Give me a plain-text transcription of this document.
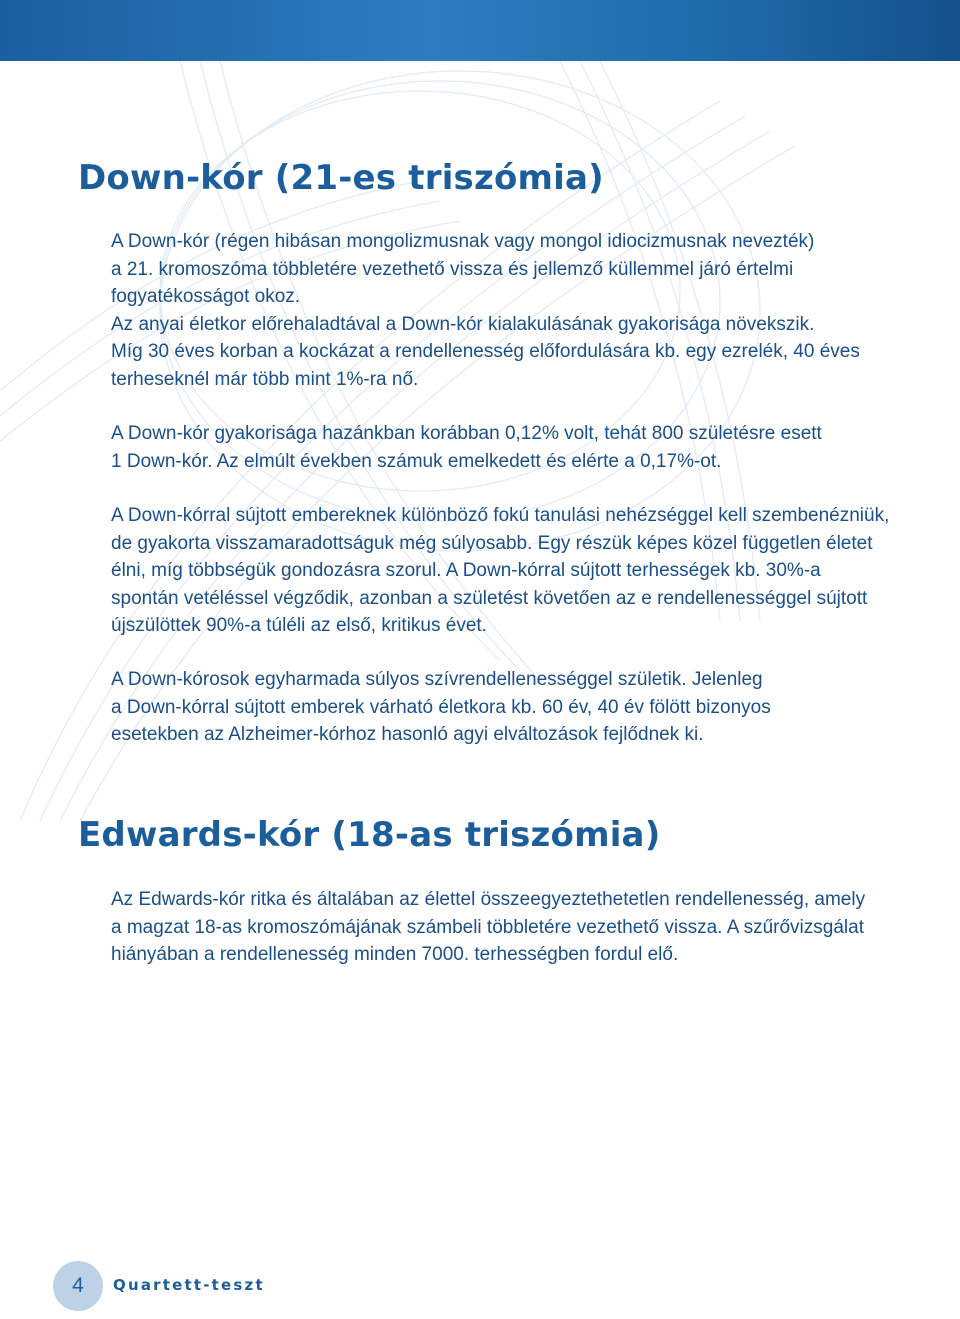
Down-kór (21-es triszómia)
A Down-kór (régen hibásan mongolizmusnak vagy mongol idiocizmusnak nevezték)
a 21. kromoszóma többletére vezethető vissza és jellemző küllemmel járó értelmi
fogyatékosságot okoz.
Az anyai életkor előrehaladtával a Down-kór kialakulásának gyakorisága növekszik.
Míg 30 éves korban a kockázat a rendellenesség előfordulására kb. egy ezrelék, 40 éves
terheseknél már több mint 1%-ra nő.
A Down-kór gyakorisága hazánkban korábban 0,12% volt, tehát 800 születésre esett
1 Down-kór. Az elmúlt években számuk emelkedett és elérte a 0,17%-ot.
A Down-kórral sújtott embereknek különböző fokú tanulási nehézséggel kell szembenézniük,
de gyakorta visszamaradottságuk még súlyosabb. Egy részük képes közel független életet
élni, míg többségük gondozásra szorul. A Down-kórral sújtott terhességek kb. 30%-a
spontán vetéléssel végződik, azonban a születést követően az e rendellenességgel sújtott
újszülöttek 90%-a túléli az első, kritikus évet.
A Down-kórosok egyharmada súlyos szívrendellenességgel születik. Jelenleg
a Down-kórral sújtott emberek várható életkora kb. 60 év, 40 év fölött bizonyos
esetekben az Alzheimer-kórhoz hasonló agyi elváltozások fejlődnek ki.
Edwards-kór (18-as triszómia)
Az Edwards-kór ritka és általában az élettel összeegyeztethetetlen rendellenesség, amely
a magzat 18-as kromoszómájának számbeli többletére vezethető vissza. A szűrővizsgálat
hiányában a rendellenesség minden 7000. terhességben fordul elő.
4 Quartett-teszt
